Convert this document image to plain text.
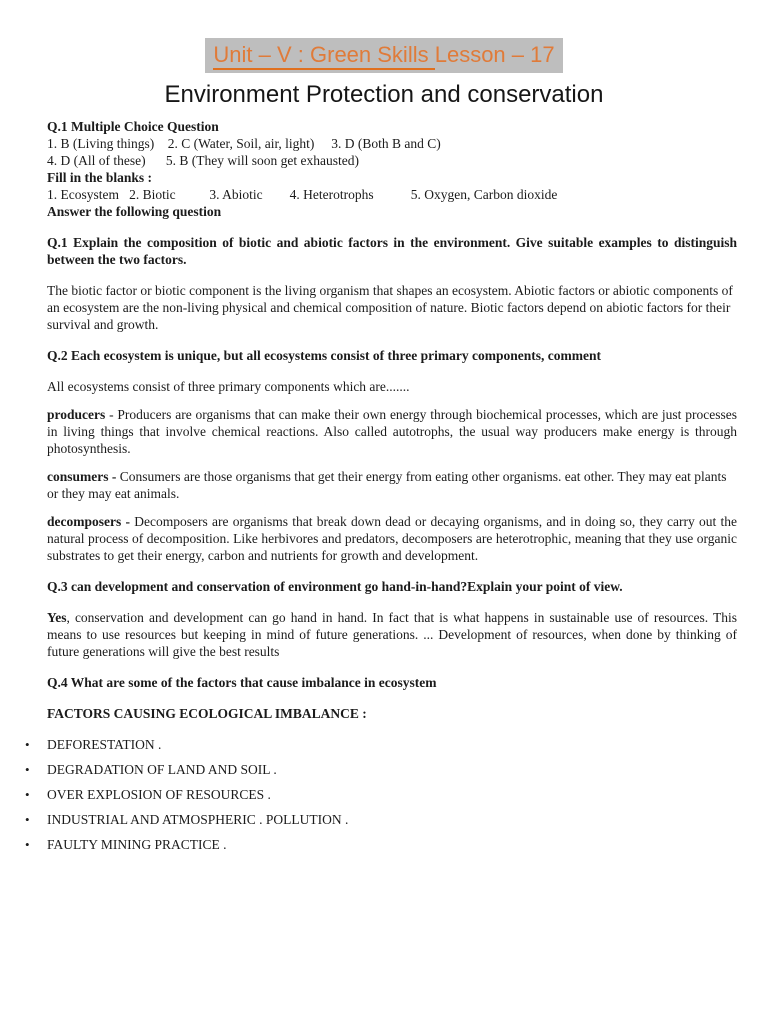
Unit – V : Green Skills Lesson – 17
Environment Protection and conservation
Q.1 Multiple Choice Question
1. B (Living things)    2. C (Water, Soil, air, light)     3. D (Both B and C)
4. D (All of these)      5. B (They will soon get exhausted)
Fill in the blanks :
1. Ecosystem   2. Biotic          3. Abiotic        4. Heterotrophs           5. Oxygen, Carbon dioxide
Answer the following question

Q.1 Explain the composition of biotic and abiotic factors in the environment. Give suitable examples to distinguish between the two factors.

The biotic factor or biotic component is the living organism that shapes an ecosystem. Abiotic factors or abiotic components of an ecosystem are the non-living physical and chemical composition of nature. Biotic factors depend on abiotic factors for their survival and growth.

Q.2 Each ecosystem is unique, but all ecosystems consist of three primary components, comment

All ecosystems consist of three primary components which are.......

producers - Producers are organisms that can make their own energy through biochemical processes, which are just processes in living things that involve chemical reactions. Also called autotrophs, the usual way producers make energy is through photosynthesis.

consumers - Consumers are those organisms that get their energy from eating other organisms. eat other. They may eat plants or they may eat animals.

decomposers - Decomposers are organisms that break down dead or decaying organisms, and in doing so, they carry out the natural process of decomposition. Like herbivores and predators, decomposers are heterotrophic, meaning that they use organic substrates to get their energy, carbon and nutrients for growth and development.

Q.3 can development and conservation of environment go hand-in-hand?Explain your point of view.

Yes, conservation and development can go hand in hand. In fact that is what happens in sustainable use of resources. This means to use resources but keeping in mind of future generations. ... Development of resources, when done by thinking of future generations will give the best results

Q.4 What are some of the factors that cause imbalance in ecosystem

FACTORS CAUSING ECOLOGICAL IMBALANCE :

• DEFORESTATION .
• DEGRADATION OF LAND AND SOIL .
• OVER EXPLOSION OF RESOURCES .
• INDUSTRIAL AND ATMOSPHERIC . POLLUTION .
• FAULTY MINING PRACTICE .
